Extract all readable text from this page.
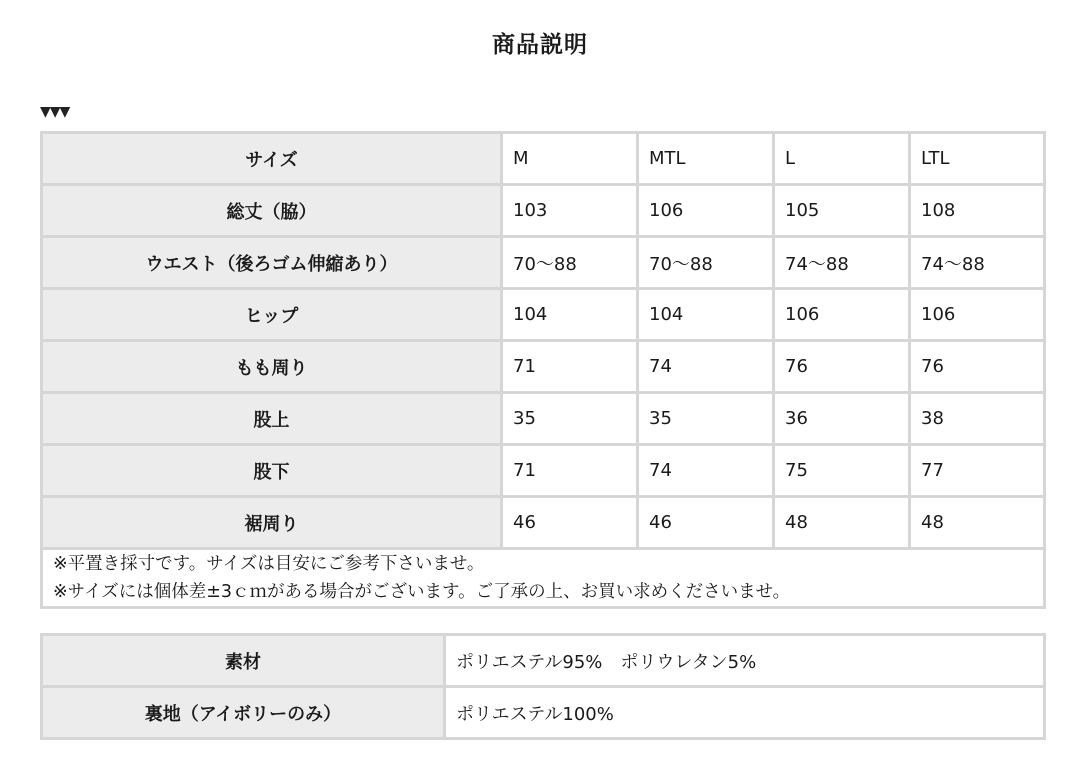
商品説明
▼▼▼
サイズ	M	MTL	L	LTL
総丈（脇）	103	106	105	108
ウエスト（後ろゴム伸縮あり）	70〜88	70〜88	74〜88	74〜88
ヒップ	104	104	106	106
もも周り	71	74	76	76
股上	35	35	36	38
股下	71	74	75	77
裾周り	46	46	48	48

※平置き採寸です。サイズは目安にご参考下さいませ。
※サイズには個体差±3ｃｍがある場合がございます。ご了承の上、お買い求めくださいませ。				
素材	ポリエステル95%　ポリウレタン5%
裏地（アイボリーのみ）	ポリエステル100%
